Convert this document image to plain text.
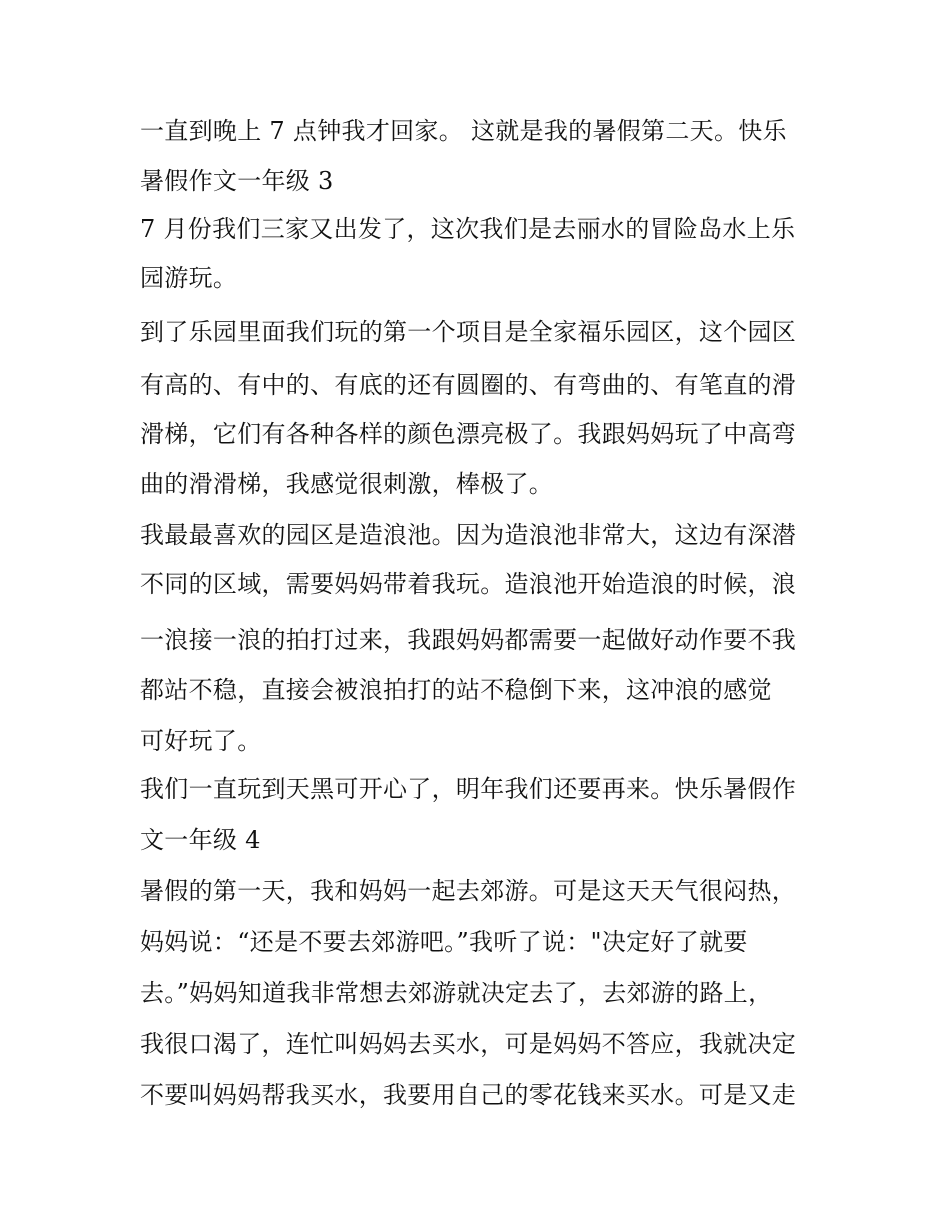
一直到晚上 7 点钟我才回家。 这就是我的暑假第二天。快乐
暑假作文一年级 3
7 月份我们三家又出发了，这次我们是去丽水的冒险岛水上乐
园游玩。
到了乐园里面我们玩的第一个项目是全家福乐园区，这个园区
有高的、有中的、有底的还有圆圈的、有弯曲的、有笔直的滑
滑梯，它们有各种各样的颜色漂亮极了。我跟妈妈玩了中高弯
曲的滑滑梯，我感觉很刺激，棒极了。
我最最喜欢的园区是造浪池。因为造浪池非常大，这边有深潜
不同的区域，需要妈妈带着我玩。造浪池开始造浪的时候，浪
一浪接一浪的拍打过来，我跟妈妈都需要一起做好动作要不我
都站不稳，直接会被浪拍打的站不稳倒下来，这冲浪的感觉
可好玩了。
我们一直玩到天黑可开心了，明年我们还要再来。快乐暑假作
文一年级 4
暑假的第一天，我和妈妈一起去郊游。可是这天天气很闷热，
妈妈说：“还是不要去郊游吧。”我听了说："决定好了就要
去。”妈妈知道我非常想去郊游就决定去了，去郊游的路上，
我很口渴了，连忙叫妈妈去买水，可是妈妈不答应，我就决定
不要叫妈妈帮我买水，我要用自己的零花钱来买水。可是又走
